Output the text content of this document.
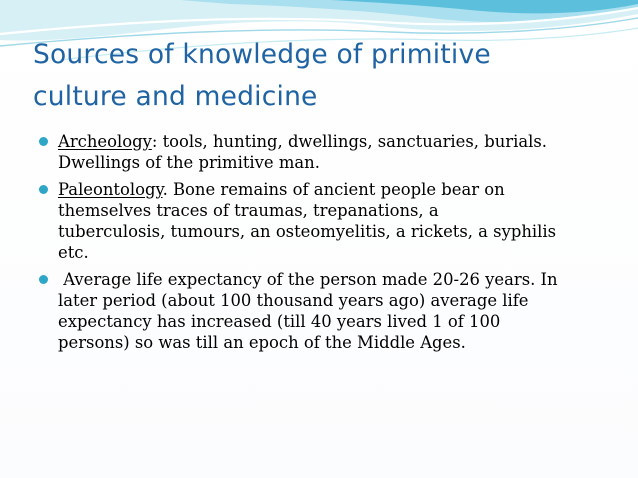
Sources of knowledge of primitive
culture and medicine
Archeology: tools, hunting, dwellings, sanctuaries, burials.
Dwellings of the primitive man.
Paleontology. Bone remains of ancient people bear on
themselves traces of traumas, trepanations, a
tuberculosis, tumours, an osteomyelitis, a rickets, a syphilis
etc.
Average life expectancy of the person made 20-26 years. In
later period (about 100 thousand years ago) average life
expectancy has increased (till 40 years lived 1 of 100
persons) so was till an epoch of the Middle Ages.
